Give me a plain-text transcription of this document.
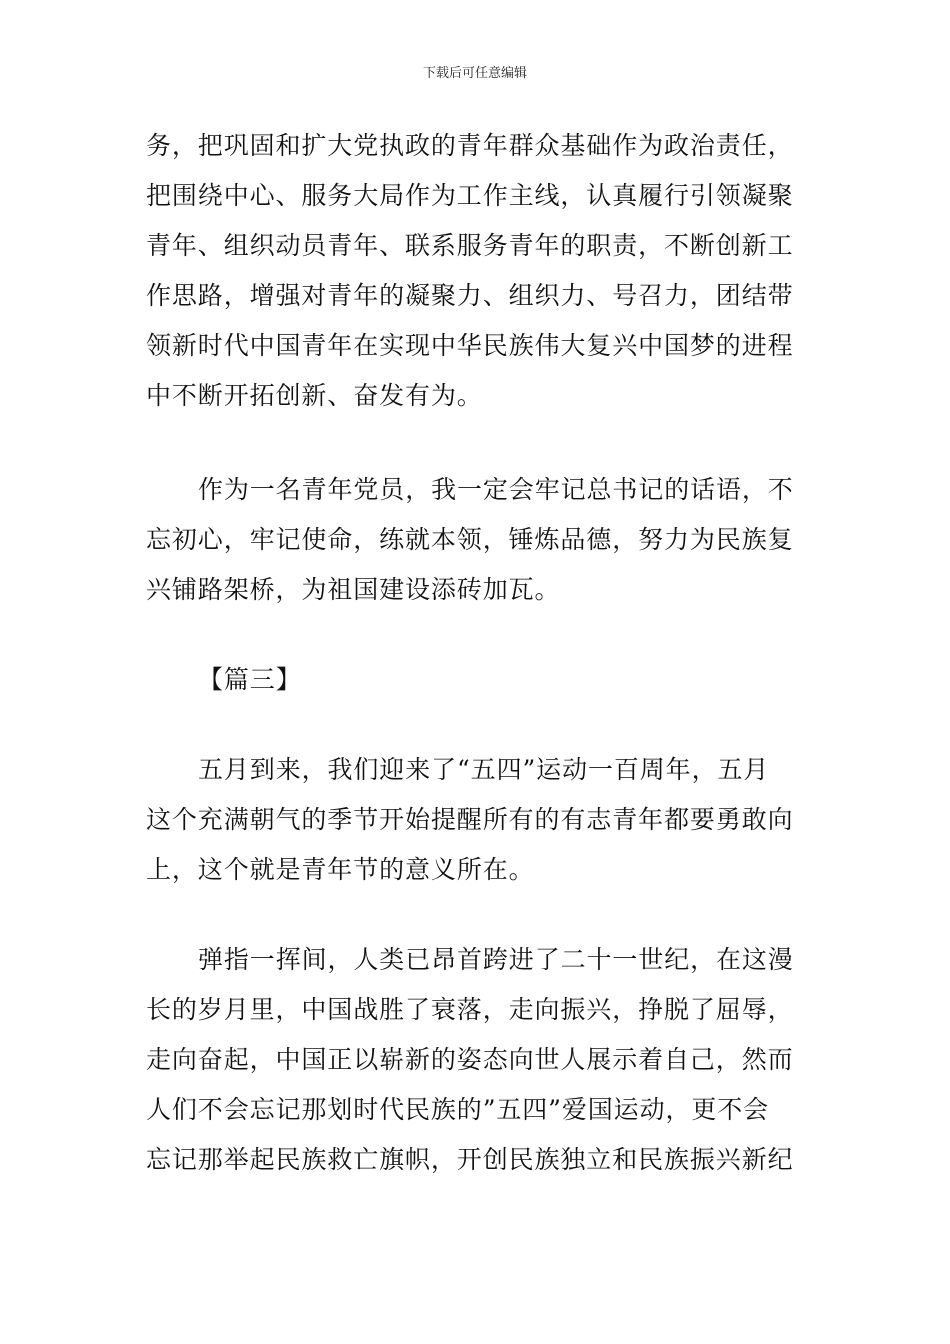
下载后可任意编辑
务，把巩固和扩大党执政的青年群众基础作为政治责任，
把围绕中心、服务大局作为工作主线，认真履行引领凝聚
青年、组织动员青年、联系服务青年的职责，不断创新工
作思路，增强对青年的凝聚力、组织力、号召力，团结带
领新时代中国青年在实现中华民族伟大复兴中国梦的进程
中不断开拓创新、奋发有为。
作为一名青年党员，我一定会牢记总书记的话语，不
忘初心，牢记使命，练就本领，锤炼品德，努力为民族复
兴铺路架桥，为祖国建设添砖加瓦。
【篇三】
五月到来，我们迎来了“五四”运动一百周年，五月
这个充满朝气的季节开始提醒所有的有志青年都要勇敢向
上，这个就是青年节的意义所在。
弹指一挥间，人类已昂首跨进了二十一世纪，在这漫
长的岁月里，中国战胜了衰落，走向振兴，挣脱了屈辱，
走向奋起，中国正以崭新的姿态向世人展示着自己，然而
人们不会忘记那划时代民族的”五四”爱国运动，更不会
忘记那举起民族救亡旗帜，开创民族独立和民族振兴新纪
